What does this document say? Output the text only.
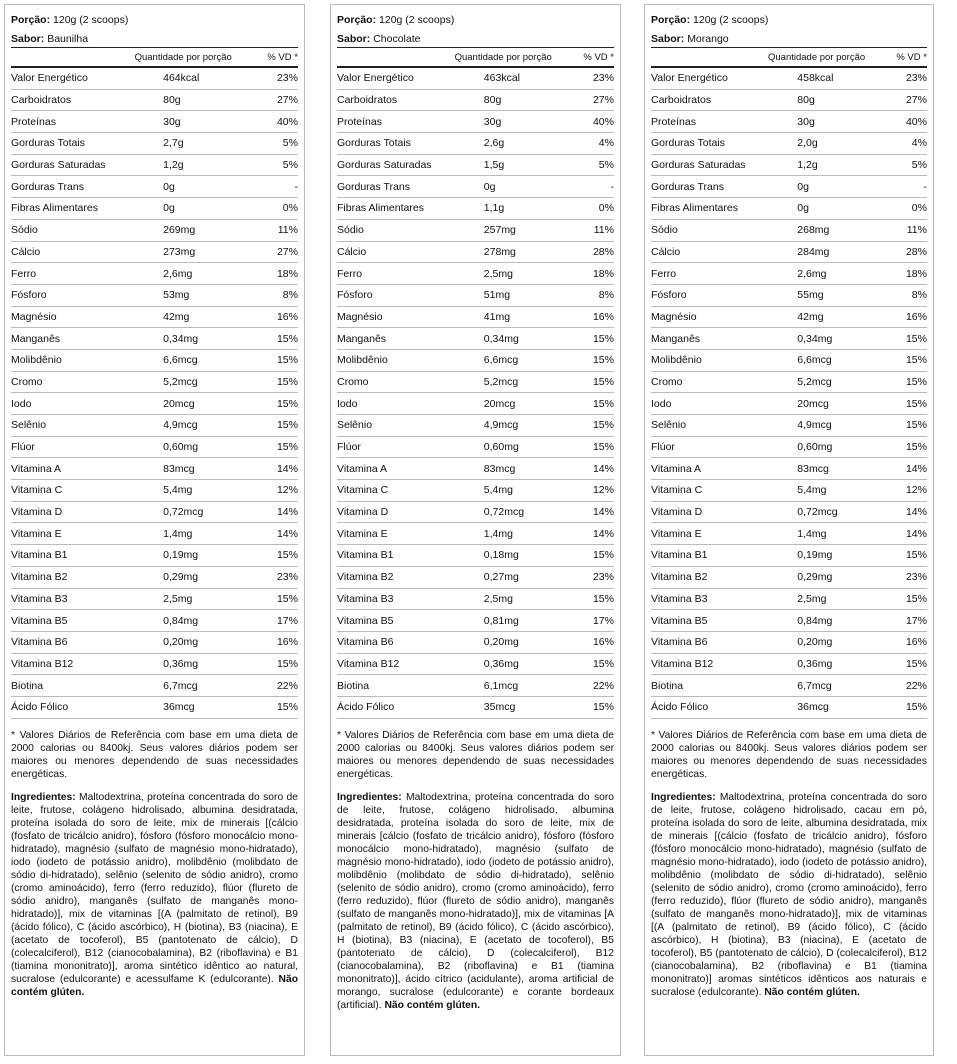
Porção: 120g (2 scoops)
Sabor: Baunilha
Quantidade por porção	% VD *
Valor Energético	464kcal	23%
Carboidratos	80g	27%
Proteínas	30g	40%
Gorduras Totais	2,7g	5%
Gorduras Saturadas	1,2g	5%
Gorduras Trans	0g	-
Fibras Alimentares	0g	0%
Sódio	269mg	11%
Cálcio	273mg	27%
Ferro	2,6mg	18%
Fósforo	53mg	8%
Magnésio	42mg	16%
Manganês	0,34mg	15%
Molibdênio	6,6mcg	15%
Cromo	5,2mcg	15%
Iodo	20mcg	15%
Selênio	4,9mcg	15%
Flúor	0,60mg	15%
Vitamina A	83mcg	14%
Vitamina C	5,4mg	12%
Vitamina D	0,72mcg	14%
Vitamina E	1,4mg	14%
Vitamina B1	0,19mg	15%
Vitamina B2	0,29mg	23%
Vitamina B3	2,5mg	15%
Vitamina B5	0,84mg	17%
Vitamina B6	0,20mg	16%
Vitamina B12	0,36mg	15%
Biotina	6,7mcg	22%
Ácido Fólico	36mcg	15%

* Valores Diários de Referência com base em uma dieta de 2000 calorias ou 8400kj. Seus valores diários podem ser maiores ou menores dependendo de suas necessidades energéticas.

Ingredientes: Maltodextrina, proteína concentrada do soro de leite, frutose, colágeno hidrolisado, albumina desidratada, proteína isolada do soro de leite, mix de minerais [(cálcio (fosfato de tricálcio anidro), fósforo (fósforo monocálcio mono-hidratado), magnésio (sulfato de magnésio mono-hidratado), iodo (iodeto de potássio anidro), molibdênio (molibdato de sódio di-hidratado), selênio (selenito de sódio anidro), cromo (cromo aminoácido), ferro (ferro reduzido), flúor (flureto de sódio anidro), manganês (sulfato de manganês mono-hidratado)], mix de vitaminas [(A (palmitato de retinol), B9 (ácido fólico), C (ácido ascórbico), H (biotina), B3 (niacina), E (acetato de tocoferol), B5 (pantotenato de cálcio), D (colecalciferol), B12 (cianocobalamina), B2 (riboflavina) e B1 (tiamina mononitrato)], aroma sintético idêntico ao natural, sucralose (edulcorante) e acessulfame K (edulcorante). Não contém glúten.

Porção: 120g (2 scoops)
Sabor: Chocolate
Quantidade por porção	% VD *
Valor Energético	463kcal	23%
Carboidratos	80g	27%
Proteínas	30g	40%
Gorduras Totais	2,6g	4%
Gorduras Saturadas	1,5g	5%
Gorduras Trans	0g	-
Fibras Alimentares	1,1g	0%
Sódio	257mg	11%
Cálcio	278mg	28%
Ferro	2,5mg	18%
Fósforo	51mg	8%
Magnésio	41mg	16%
Manganês	0,34mg	15%
Molibdênio	6,6mcg	15%
Cromo	5,2mcg	15%
Iodo	20mcg	15%
Selênio	4,9mcg	15%
Flúor	0,60mg	15%
Vitamina A	83mcg	14%
Vitamina C	5,4mg	12%
Vitamina D	0,72mcg	14%
Vitamina E	1,4mg	14%
Vitamina B1	0,18mg	15%
Vitamina B2	0,27mg	23%
Vitamina B3	2,5mg	15%
Vitamina B5	0,81mg	17%
Vitamina B6	0,20mg	16%
Vitamina B12	0,36mg	15%
Biotina	6,1mcg	22%
Ácido Fólico	35mcg	15%

* Valores Diários de Referência com base em uma dieta de 2000 calorias ou 8400kj. Seus valores diários podem ser maiores ou menores dependendo de suas necessidades energéticas.

Ingredientes: Maltodextrina, proteína concentrada do soro de leite, frutose, colágeno hidrolisado, albumina desidratada, proteína isolada do soro de leite, mix de minerais [cálcio (fosfato de tricálcio anidro), fósforo (fósforo monocálcio mono-hidratado), magnésio (sulfato de magnésio mono-hidratado), iodo (iodeto de potássio anidro), molibdênio (molibdato de sódio di-hidratado), selênio (selenito de sódio anidro), cromo (cromo aminoácido), ferro (ferro reduzido), flúor (flureto de sódio anidro), manganês (sulfato de manganês mono-hidratado)], mix de vitaminas [A (palmitato de retinol), B9 (ácido fólico), C (ácido ascórbico), H (biotina), B3 (niacina), E (acetato de tocoferol), B5 (pantotenato de cálcio), D (colecalciferol), B12 (cianocobalamina), B2 (riboflavina) e B1 (tiamina mononitrato)], ácido cítrico (acidulante), aroma artificial de morango, sucralose (edulcorante) e corante bordeaux (artificial). Não contém glúten.

Porção: 120g (2 scoops)
Sabor: Morango
Quantidade por porção	% VD *
Valor Energético	458kcal	23%
Carboidratos	80g	27%
Proteínas	30g	40%
Gorduras Totais	2,0g	4%
Gorduras Saturadas	1,2g	5%
Gorduras Trans	0g	-
Fibras Alimentares	0g	0%
Sódio	268mg	11%
Cálcio	284mg	28%
Ferro	2,6mg	18%
Fósforo	55mg	8%
Magnésio	42mg	16%
Manganês	0,34mg	15%
Molibdênio	6,6mcg	15%
Cromo	5,2mcg	15%
Iodo	20mcg	15%
Selênio	4,9mcg	15%
Flúor	0,60mg	15%
Vitamina A	83mcg	14%
Vitamina C	5,4mg	12%
Vitamina D	0,72mcg	14%
Vitamina E	1,4mg	14%
Vitamina B1	0,19mg	15%
Vitamina B2	0,29mg	23%
Vitamina B3	2,5mg	15%
Vitamina B5	0,84mg	17%
Vitamina B6	0,20mg	16%
Vitamina B12	0,36mg	15%
Biotina	6,7mcg	22%
Ácido Fólico	36mcg	15%

* Valores Diários de Referência com base em uma dieta de 2000 calorias ou 8400kj. Seus valores diários podem ser maiores ou menores dependendo de suas necessidades energéticas.

Ingredientes: Maltodextrina, proteína concentrada do soro de leite, frutose, colágeno hidrolisado, cacau em pó, proteína isolada do soro de leite, albumina desidratada, mix de minerais [(cálcio (fosfato de tricálcio anidro), fósforo (fósforo monocálcio mono-hidratado), magnésio (sulfato de magnésio mono-hidratado), iodo (iodeto de potássio anidro), molibdênio (molibdato de sódio di-hidratado), selênio (selenito de sódio anidro), cromo (cromo aminoácido), ferro (ferro reduzido), flúor (flureto de sódio anidro), manganês (sulfato de manganês mono-hidratado)], mix de vitaminas [(A (palmitato de retinol), B9 (ácido fólico), C (ácido ascórbico), H (biotina), B3 (niacina), E (acetato de tocoferol), B5 (pantotenato de cálcio), D (colecalciferol), B12 (cianocobalamina), B2 (riboflavina) e B1 (tiamina mononitrato)] aromas sintéticos idênticos aos naturais e sucralose (edulcorante). Não contém glúten.
